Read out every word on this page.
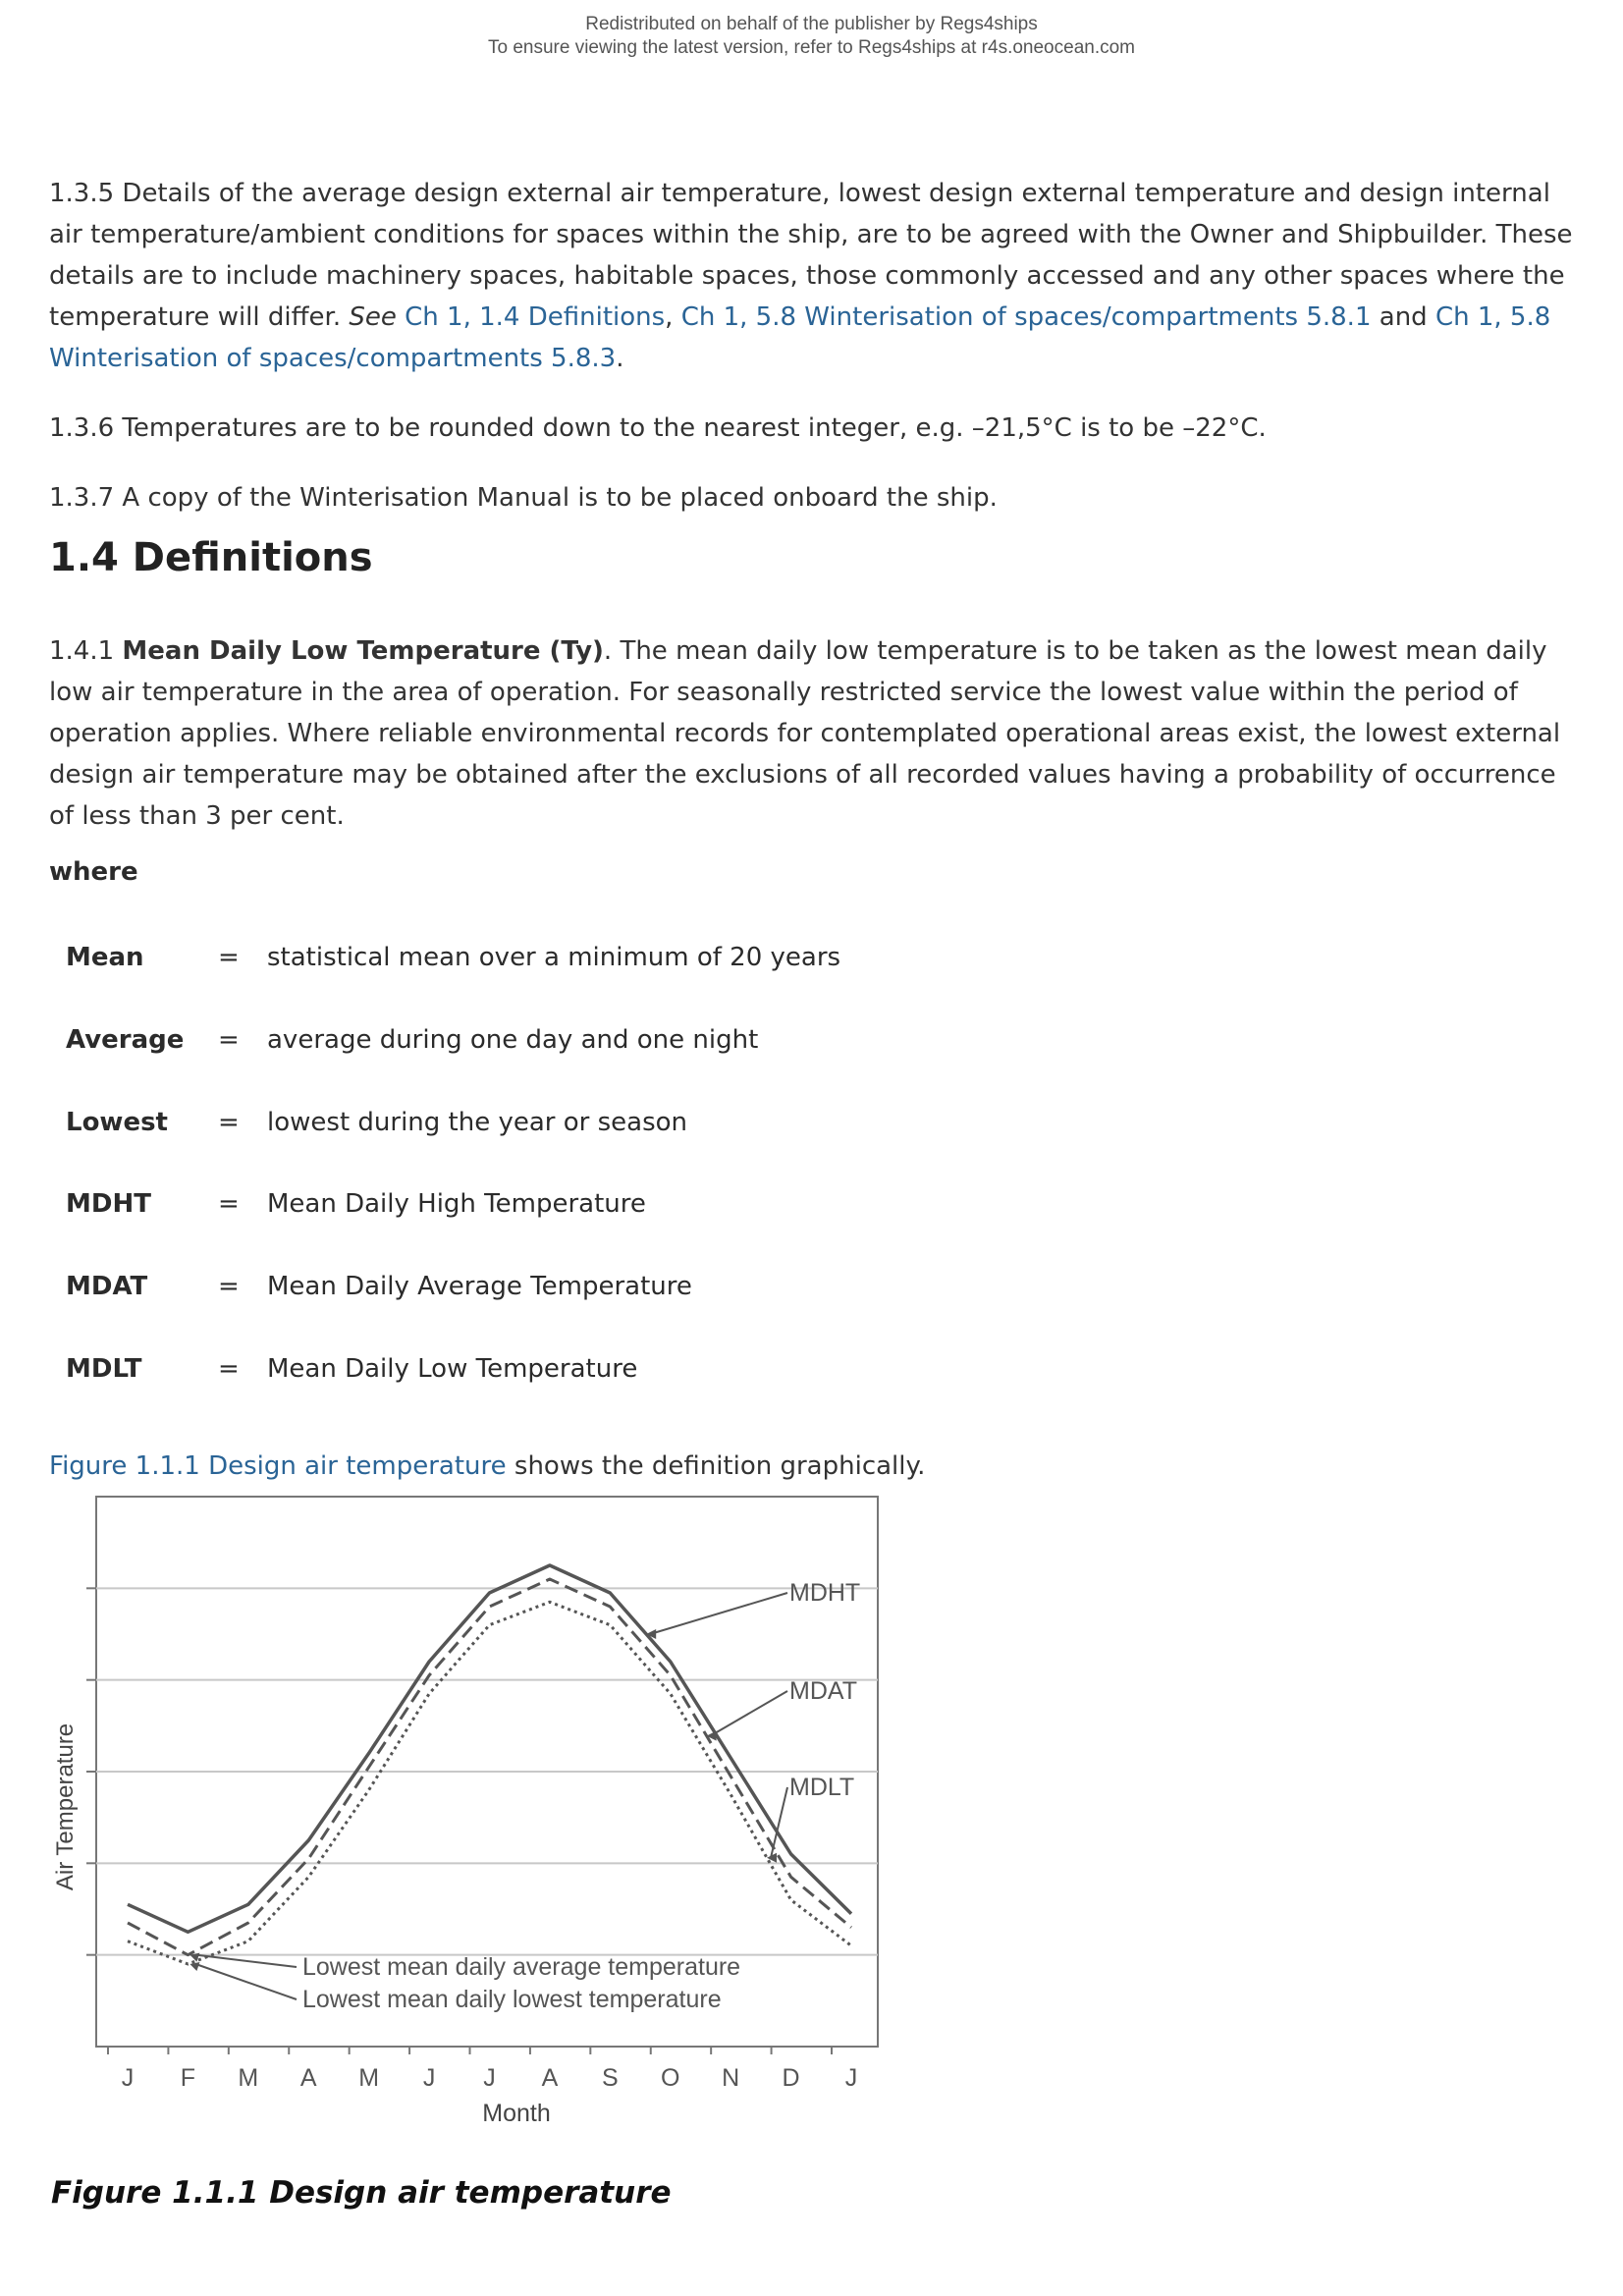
Redistributed on behalf of the publisher by Regs4ships
To ensure viewing the latest version, refer to Regs4ships at r4s.oneocean.com
1.3.5 Details of the average design external air temperature, lowest design external temperature and design internal air temperature/ambient conditions for spaces within the ship, are to be agreed with the Owner and Shipbuilder. These details are to include machinery spaces, habitable spaces, those commonly accessed and any other spaces where the temperature will differ. See Ch 1, 1.4 Definitions, Ch 1, 5.8 Winterisation of spaces/compartments 5.8.1 and Ch 1, 5.8 Winterisation of spaces/compartments 5.8.3.
1.3.6 Temperatures are to be rounded down to the nearest integer, e.g. –21,5°C is to be –22°C.
1.3.7 A copy of the Winterisation Manual is to be placed onboard the ship.
1.4 Definitions
1.4.1 Mean Daily Low Temperature (Ty). The mean daily low temperature is to be taken as the lowest mean daily low air temperature in the area of operation. For seasonally restricted service the lowest value within the period of operation applies. Where reliable environmental records for contemplated operational areas exist, the lowest external design air temperature may be obtained after the exclusions of all recorded values having a probability of occurrence of less than 3 per cent.
where
Mean	= statistical mean over a minimum of 20 years
Average = average during one day and one night
Lowest = lowest during the year or season
MDHT	= Mean Daily High Temperature
MDAT	= Mean Daily Average Temperature
MDLT	= Mean Daily Low Temperature
Figure 1.1.1 Design air temperature shows the definition graphically.
MDHT
MDAT
MDLT
Lowest mean daily average temperature
Lowest mean daily lowest temperature
J F M A M J J A S O N D J
Air Temperature
Month
Figure 1.1.1 Design air temperature
